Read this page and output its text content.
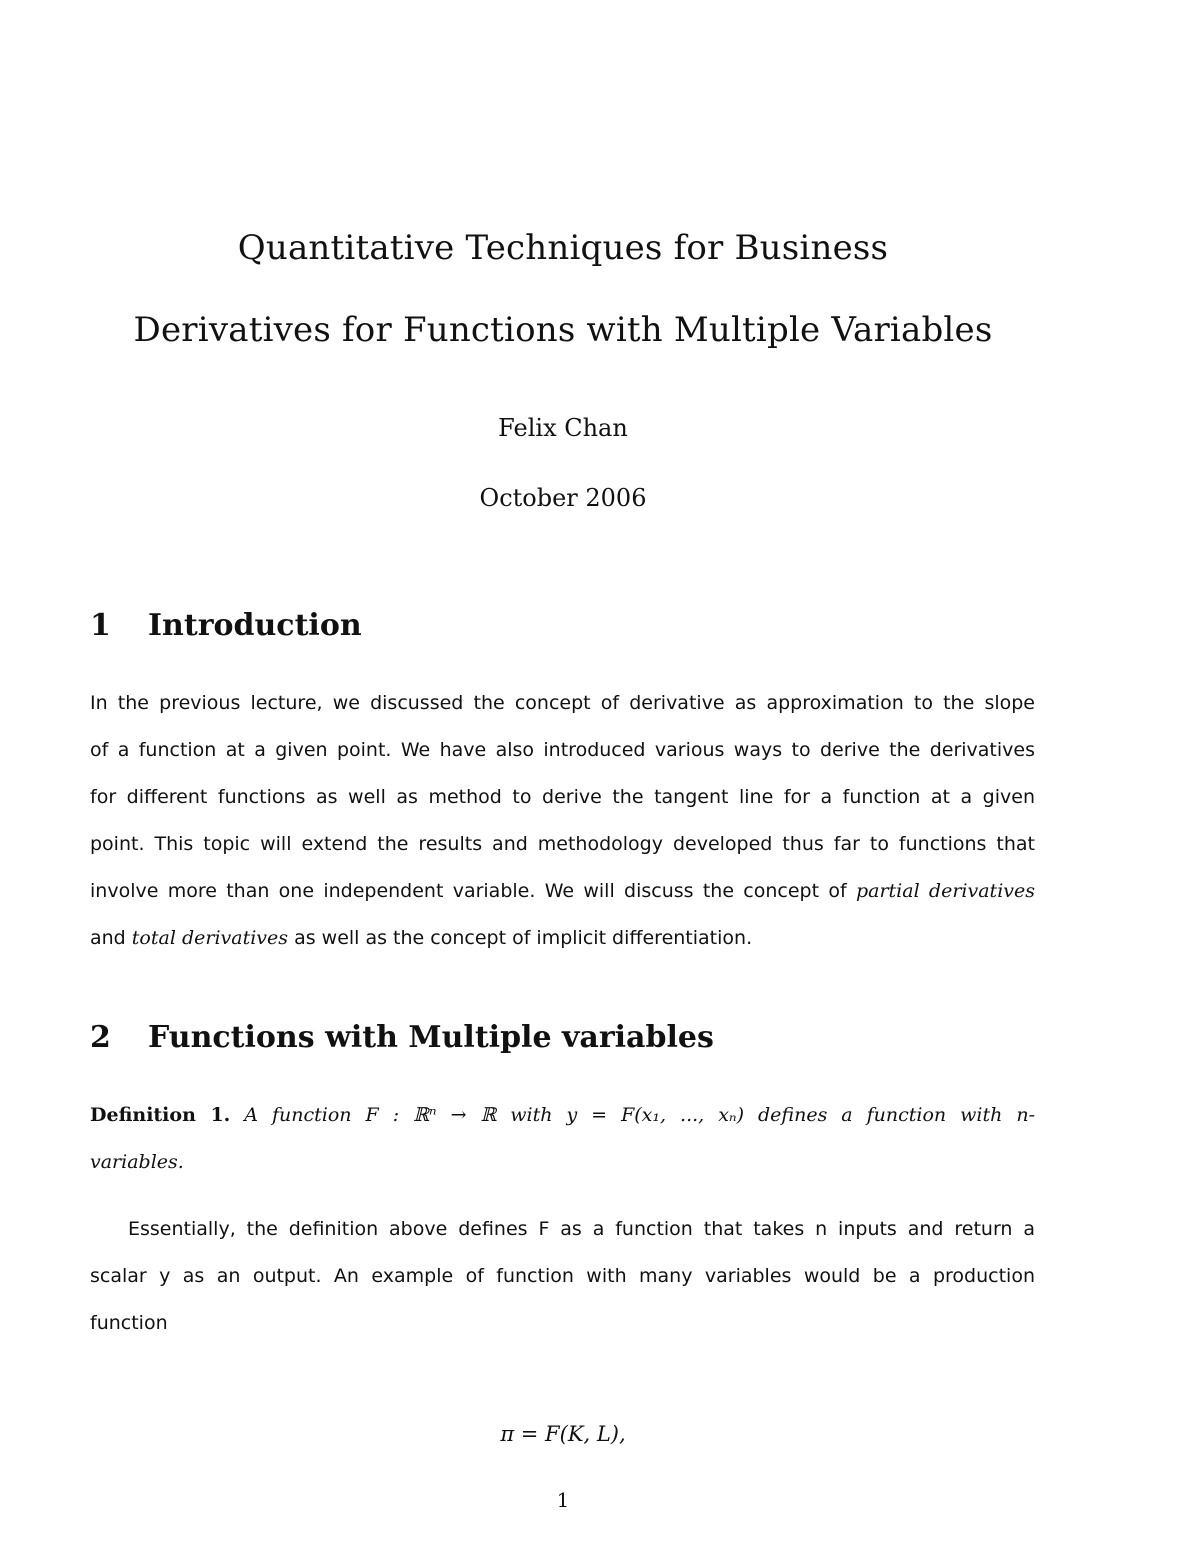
Quantitative Techniques for Business
Derivatives for Functions with Multiple Variables
Felix Chan
October 2006
1 Introduction
In the previous lecture, we discussed the concept of derivative as approximation to the slope
of a function at a given point. We have also introduced various ways to derive the derivatives
for different functions as well as method to derive the tangent line for a function at a given
point. This topic will extend the results and methodology developed thus far to functions that
involve more than one independent variable. We will discuss the concept of partial derivatives
and total derivatives as well as the concept of implicit differentiation.
2 Functions with Multiple variables
Definition 1. A function F : ℝⁿ → ℝ with y = F(x₁, ..., xₙ) defines a function with n-
variables.
Essentially, the definition above defines F as a function that takes n inputs and return a
scalar y as an output. An example of function with many variables would be a production
function
π = F(K, L),
1
